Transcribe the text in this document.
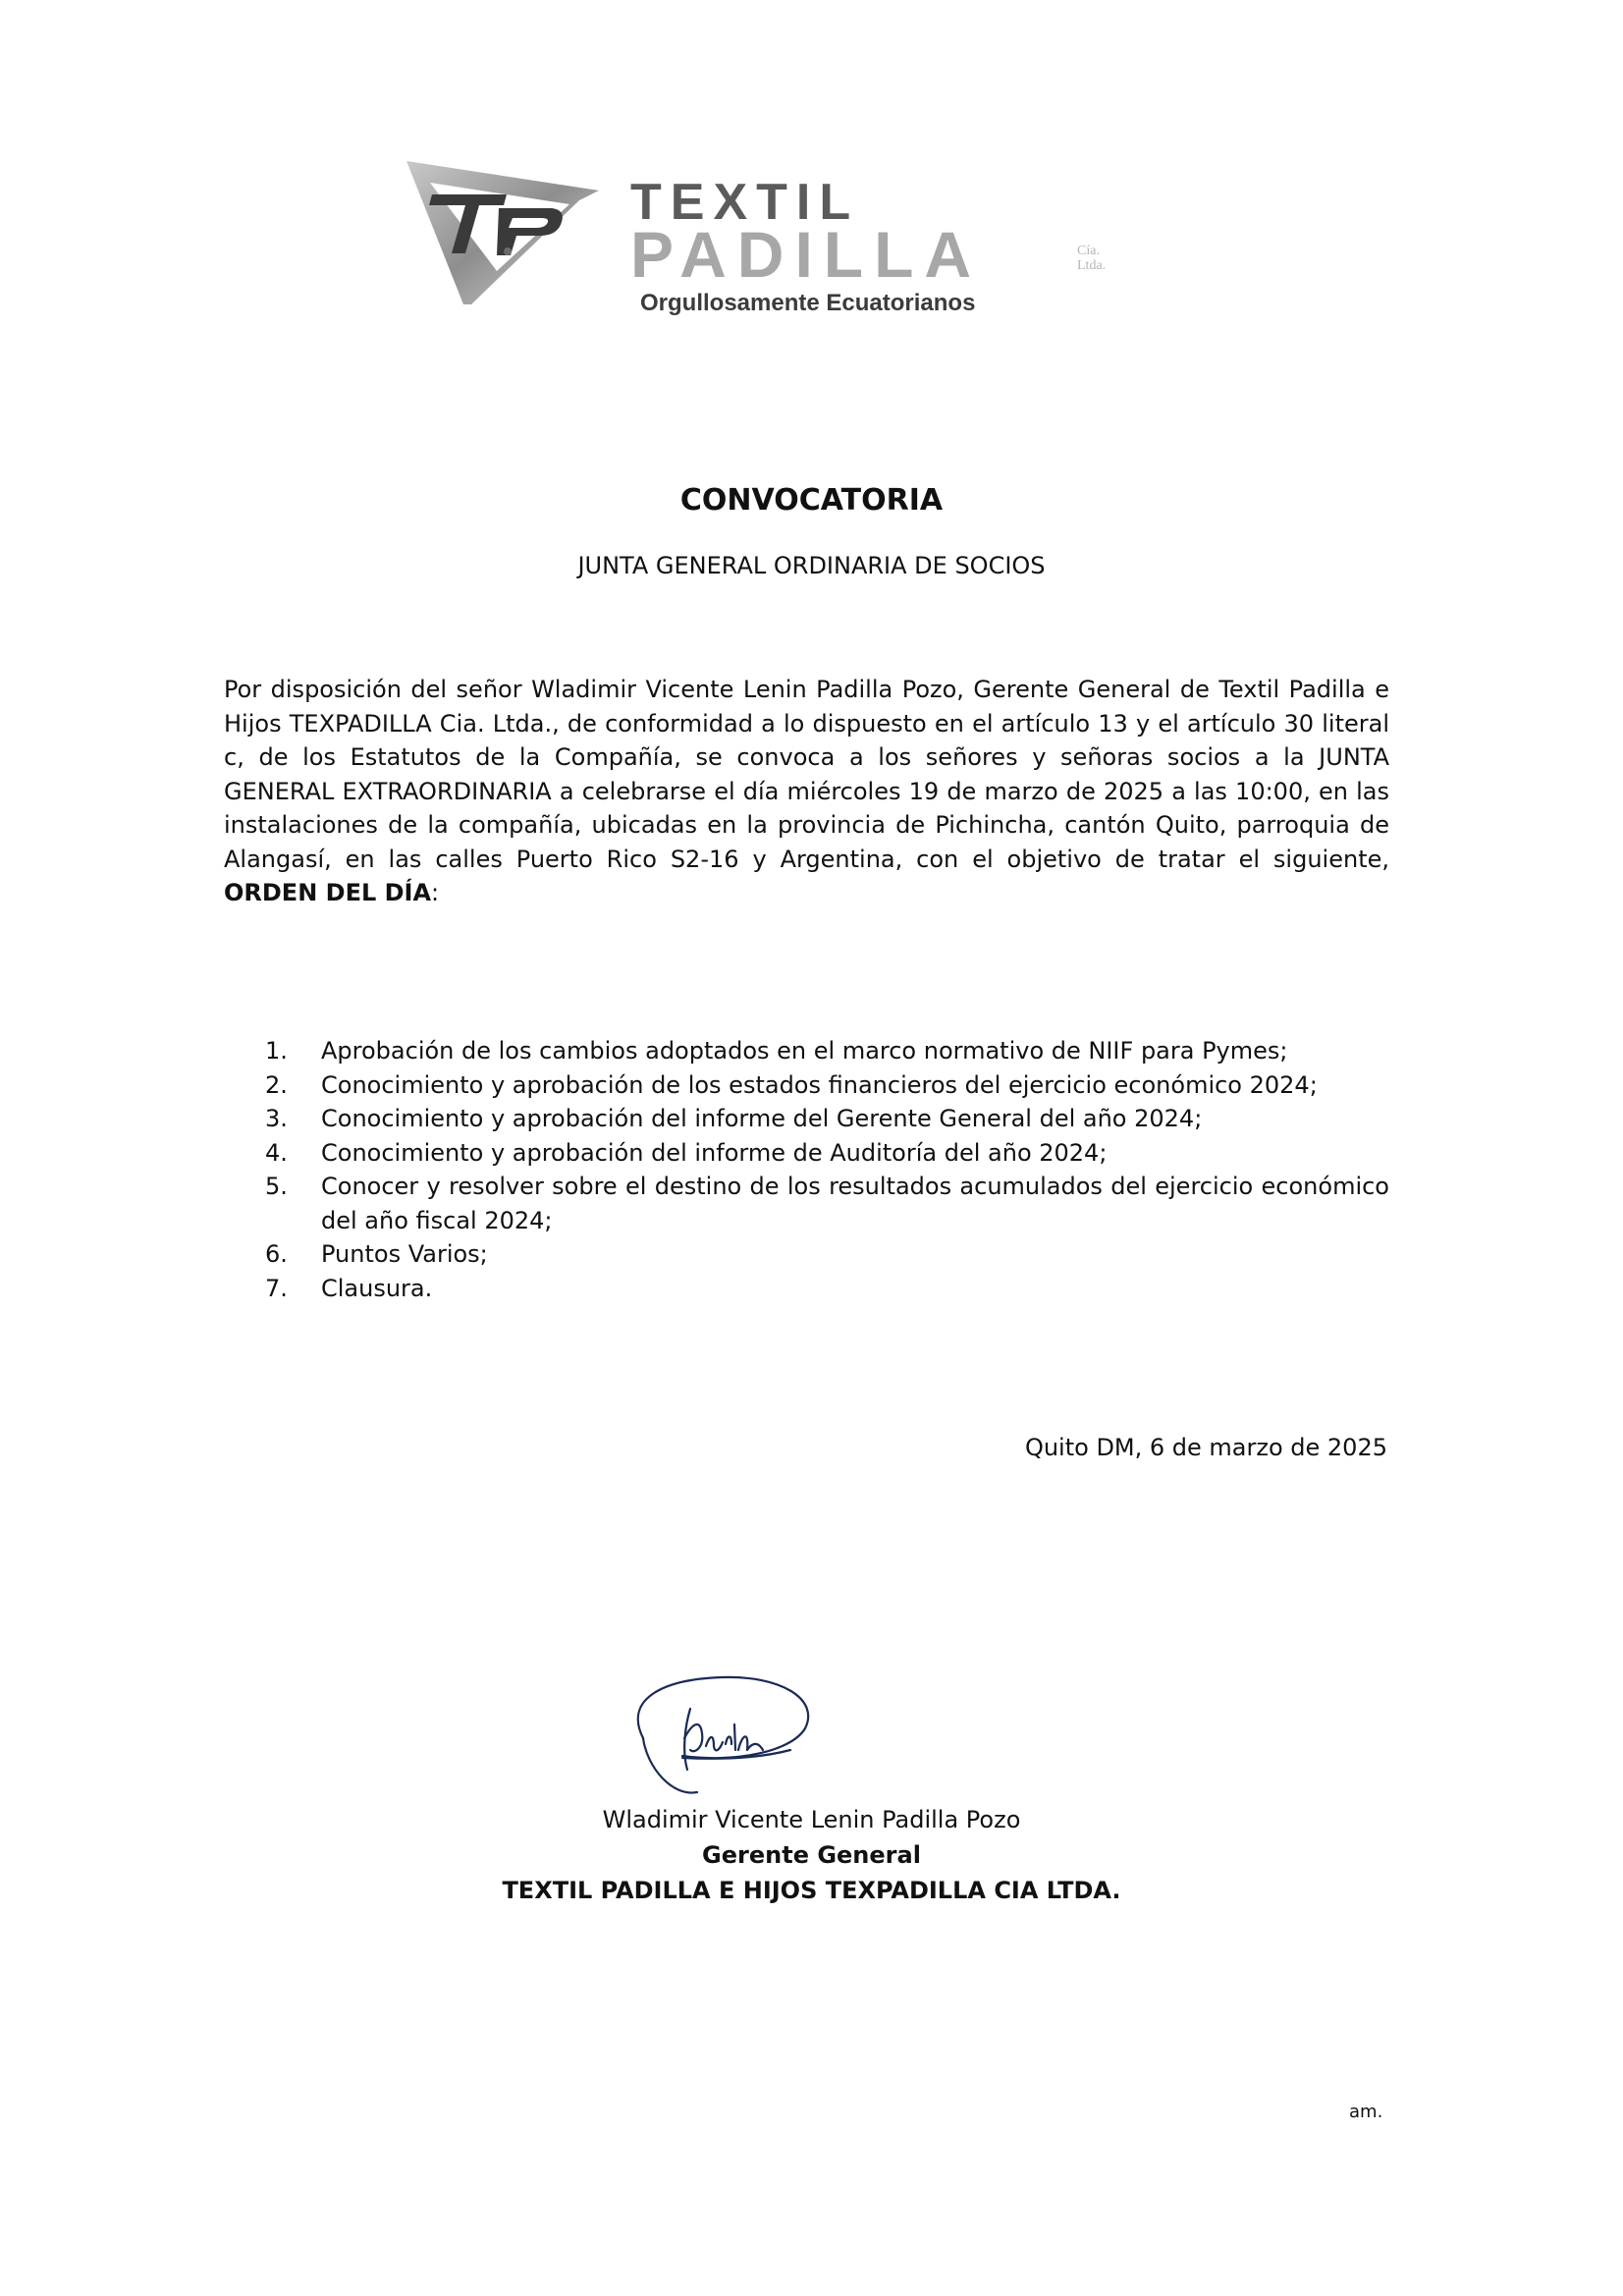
TEXTIL
PADILLA	Cía.
Ltda.
Orgullosamente Ecuatorianos
CONVOCATORIA
JUNTA GENERAL ORDINARIA DE SOCIOS
Por disposición del señor Wladimir Vicente Lenin Padilla Pozo, Gerente General de Textil Padilla e Hijos TEXPADILLA Cia. Ltda., de conformidad a lo dispuesto en el artículo 13 y el artículo 30 literal c, de los Estatutos de la Compañía, se convoca a los señores y señoras socios a la JUNTA GENERAL EXTRAORDINARIA a celebrarse el día miércoles 19 de marzo de 2025 a las 10:00, en las instalaciones de la compañía, ubicadas en la provincia de Pichincha, cantón Quito, parroquia de Alangasí, en las calles Puerto Rico S2-16 y Argentina, con el objetivo de tratar el siguiente, ORDEN DEL DÍA:
1.	Aprobación de los cambios adoptados en el marco normativo de NIIF para Pymes;
2.	Conocimiento y aprobación de los estados financieros del ejercicio económico 2024;
3.	Conocimiento y aprobación del informe del Gerente General del año 2024;
4.	Conocimiento y aprobación del informe de Auditoría del año 2024;
5.	Conocer y resolver sobre el destino de los resultados acumulados del ejercicio económico del año fiscal 2024;
6.	Puntos Varios;
7.	Clausura.
Quito DM, 6 de marzo de 2025
Wladimir Vicente Lenin Padilla Pozo
Gerente General
TEXTIL PADILLA E HIJOS TEXPADILLA CIA LTDA.
am.
